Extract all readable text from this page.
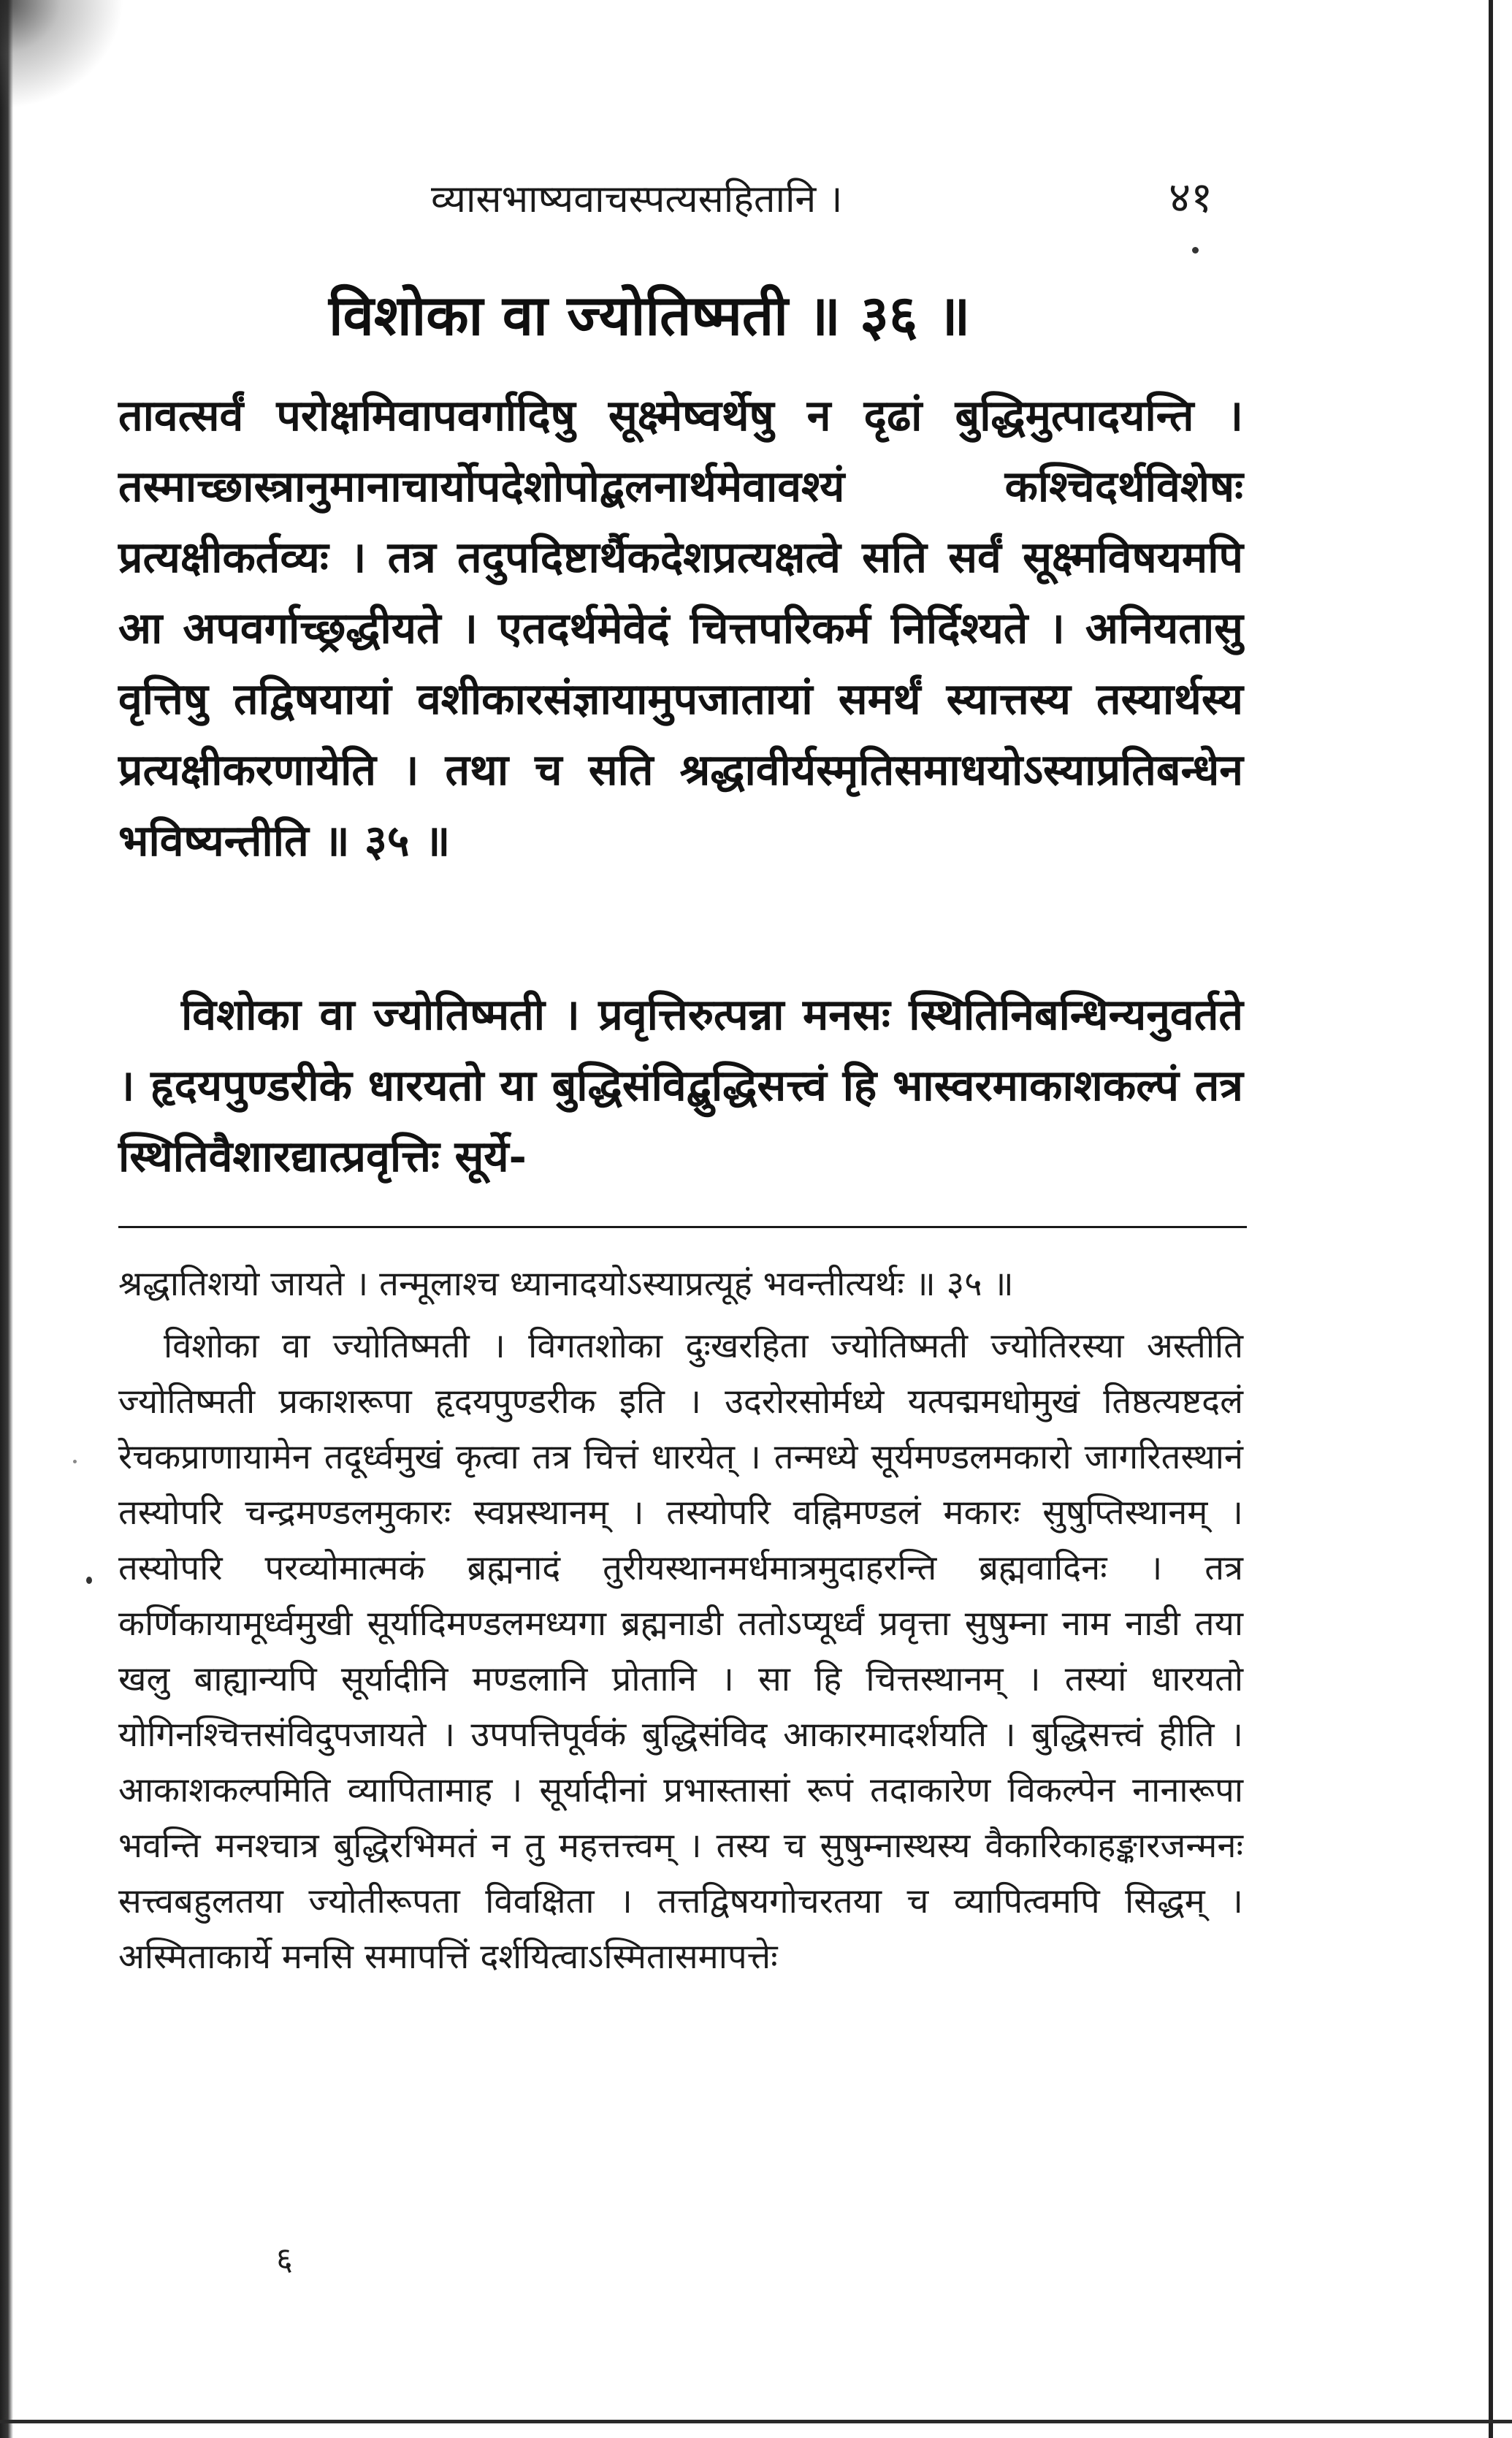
व्यासभाष्यवाचस्पत्यसहितानि ।	४१
विशोका वा ज्योतिष्मती ॥ ३६ ॥
तावत्सर्वं परोक्षमिवापवर्गादिषु सूक्ष्मेष्वर्थेषु न दृढां बुद्धिमुत्पादयन्ति । तस्माच्छास्त्रानुमानाचार्योपदेशोपोद्बलनार्थमेवावश्यं कश्चिदर्थविशेषः प्रत्यक्षीकर्तव्यः । तत्र तदुपदिष्टार्थैकदेशप्रत्यक्षत्वे सति सर्वं सूक्ष्मविषयमपि आ अपवर्गाच्छ्रद्धीयते । एतदर्थमेवेदं चित्तपरिकर्म निर्दिश्यते । अनियतासु वृत्तिषु तद्विषयायां वशीकारसंज्ञायामुपजातायां समर्थं स्यात्तस्य तस्यार्थस्य प्रत्यक्षीकरणायेति । तथा च सति श्रद्धावीर्यस्मृतिसमाधयोऽस्याप्रतिबन्धेन भविष्यन्तीति ॥ ३५ ॥
विशोका वा ज्योतिष्मती । प्रवृत्तिरुत्पन्ना मनसः स्थितिनिबन्धिन्यनुवर्तते । हृदयपुण्डरीके धारयतो या बुद्धिसंविद्बुद्धिसत्त्वं हि भास्वरमाकाशकल्पं तत्र स्थितिवैशारद्यात्प्रवृत्तिः सूर्ये-
श्रद्धातिशयो जायते । तन्मूलाश्च ध्यानादयोऽस्याप्रत्यूहं भवन्तीत्यर्थः ॥ ३५ ॥
विशोका वा ज्योतिष्मती । विगतशोका दुःखरहिता ज्योतिष्मती ज्योतिरस्या अस्तीति ज्योतिष्मती प्रकाशरूपा हृदयपुण्डरीक इति । उदरोरसोर्मध्ये यत्पद्ममधोमुखं तिष्ठत्यष्टदलं रेचकप्राणायामेन तदूर्ध्वमुखं कृत्वा तत्र चित्तं धारयेत् । तन्मध्ये सूर्यमण्डलमकारो जागरितस्थानं तस्योपरि चन्द्रमण्डलमुकारः स्वप्नस्थानम् । तस्योपरि वह्निमण्डलं मकारः सुषुप्तिस्थानम् । तस्योपरि परव्योमात्मकं ब्रह्मनादं तुरीयस्थानमर्धमात्रमुदाहरन्ति ब्रह्मवादिनः । तत्र कर्णिकायामूर्ध्वमुखी सूर्यादिमण्डलमध्यगा ब्रह्मनाडी ततोऽप्यूर्ध्वं प्रवृत्ता सुषुम्ना नाम नाडी तया खलु बाह्यान्यपि सूर्यादीनि मण्डलानि प्रोतानि । सा हि चित्तस्थानम् । तस्यां धारयतो योगिनश्चित्तसंविदुपजायते । उपपत्तिपूर्वकं बुद्धिसंविद आकारमादर्शयति । बुद्धिसत्त्वं हीति । आकाशकल्पमिति व्यापितामाह । सूर्यादीनां प्रभास्तासां रूपं तदाकारेण विकल्पेन नानारूपा भवन्ति मनश्चात्र बुद्धिरभिमतं न तु महत्तत्त्वम् । तस्य च सुषुम्नास्थस्य वैकारिकाहङ्कारजन्मनः सत्त्वबहुलतया ज्योतीरूपता विवक्षिता । तत्तद्विषयगोचरतया च व्यापित्वमपि सिद्धम् । अस्मिताकार्ये मनसि समापत्तिं दर्शयित्वाऽस्मितासमापत्तेः
६
